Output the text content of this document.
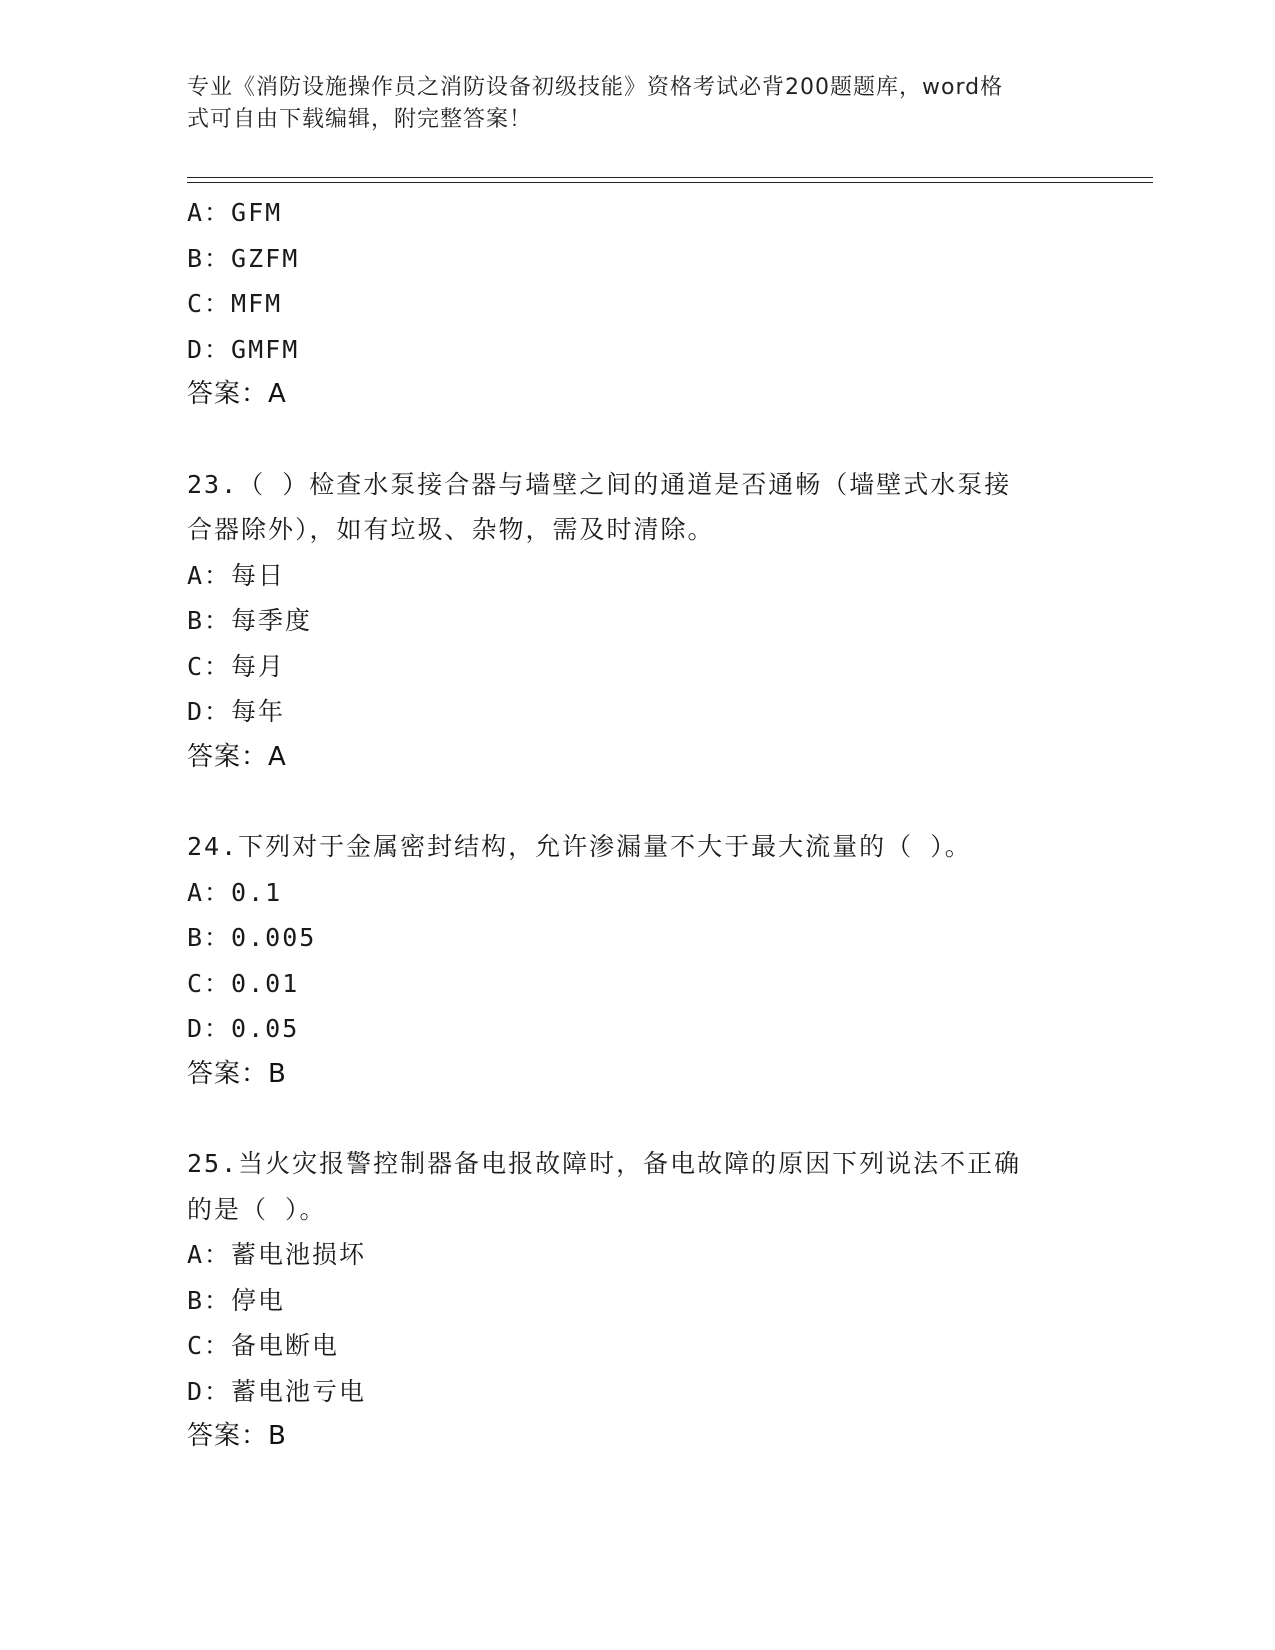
专业《消防设施操作员之消防设备初级技能》资格考试必背200题题库，word格
式可自由下载编辑，附完整答案！
A：GFM
B：GZFM
C：MFM
D：GMFM
答案：A
23.（ ）检查水泵接合器与墙壁之间的通道是否通畅（墙壁式水泵接
合器除外），如有垃圾、杂物，需及时清除。
A：每日
B：每季度
C：每月
D：每年
答案：A
24.下列对于金属密封结构，允许渗漏量不大于最大流量的（ ）。
A：0.1
B：0.005
C：0.01
D：0.05
答案：B
25.当火灾报警控制器备电报故障时，备电故障的原因下列说法不正确
的是（ ）。
A：蓄电池损坏
B：停电
C：备电断电
D：蓄电池亏电
答案：B
